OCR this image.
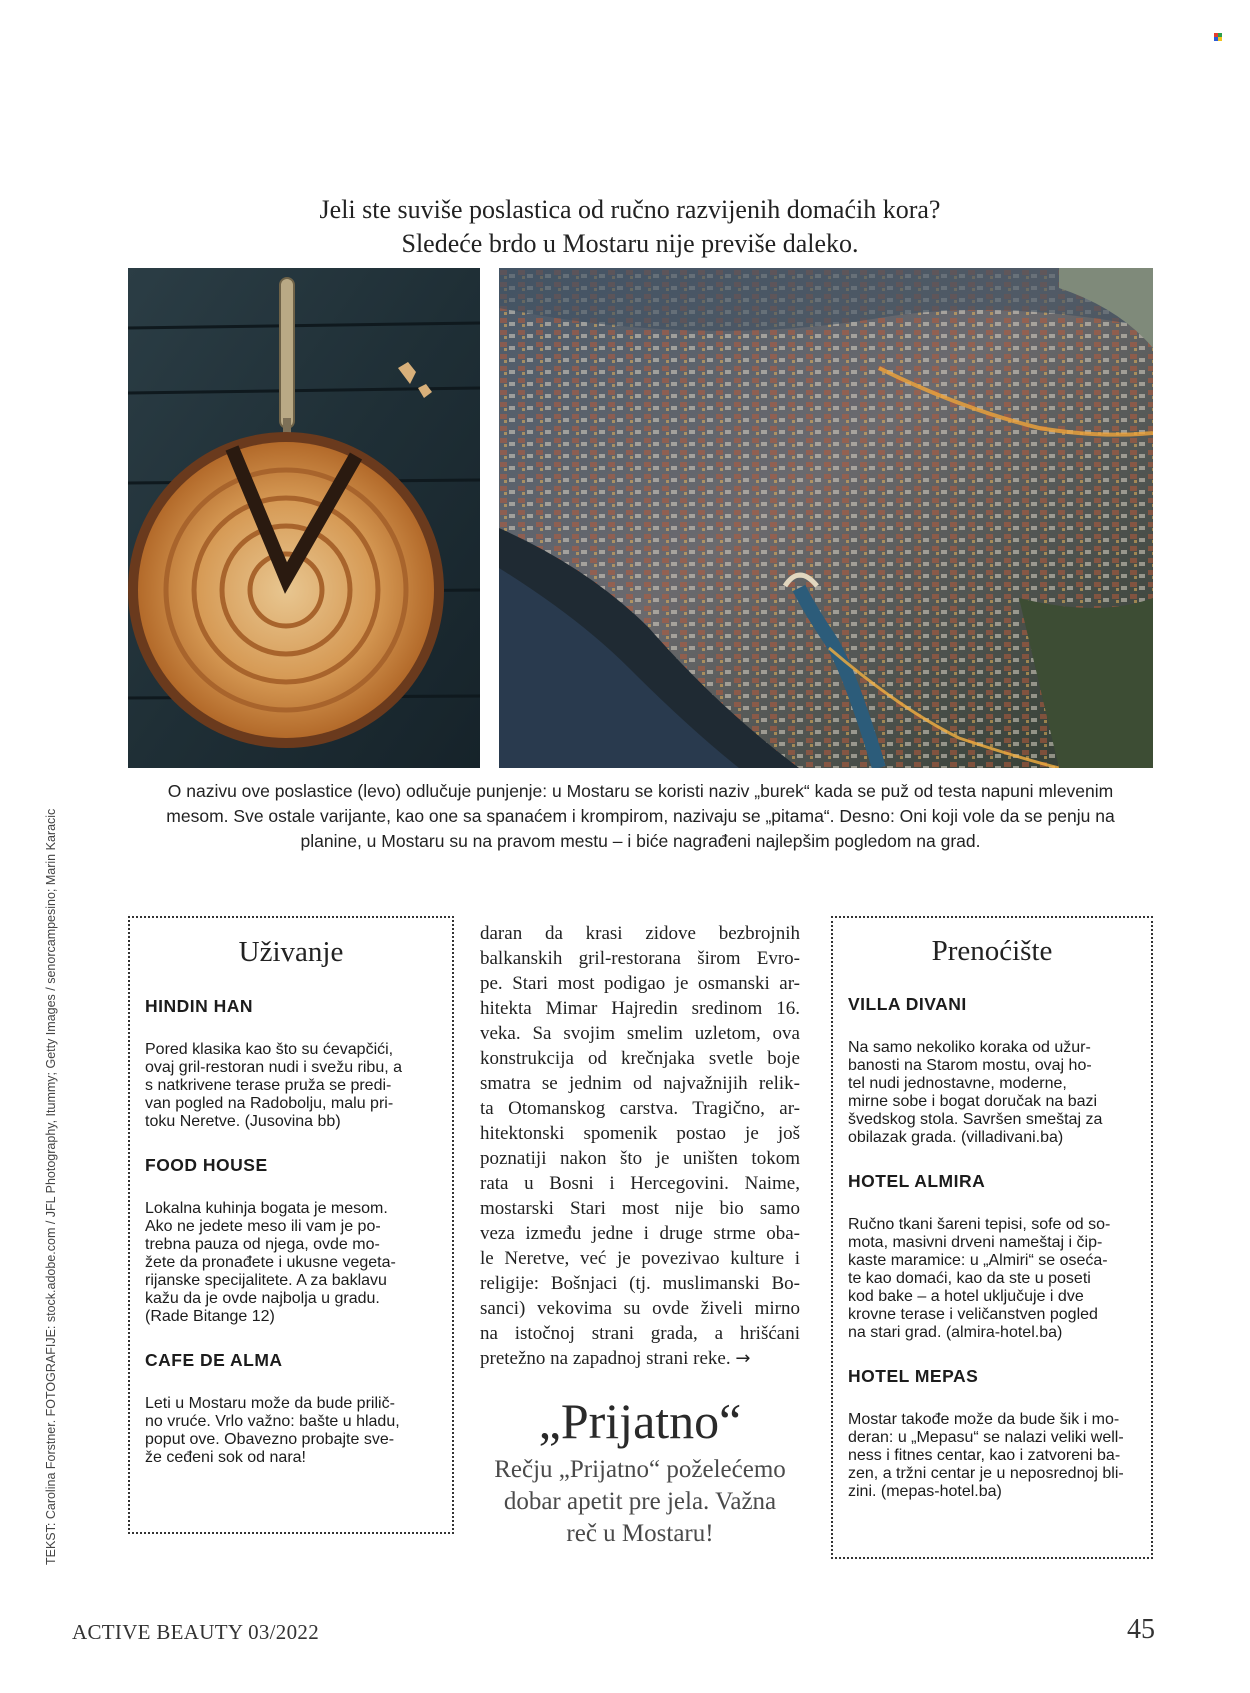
Jeli ste suviše poslastica od ručno razvijenih domaćih kora?
Sledeće brdo u Mostaru nije previše daleko.
O nazivu ove poslastice (levo) odlučuje punjenje: u Mostaru se koristi naziv „burek“ kada se puž od testa napuni mlevenim
mesom. Sve ostale varijante, kao one sa spanaćem i krompirom, nazivaju se „pitama“. Desno: Oni koji vole da se penju na
planine, u Mostaru su na pravom mestu – i biće nagrađeni najlepšim pogledom na grad.
TEKST: Carolina Forstner. FOTOGRAFIJE: stock.adobe.com / JFL Photography, Itummy; Getty Images / senorcampesino; Marin Karacic	Uživanje
HINDIN HAN

Pored klasika kao što su ćevapčići,
ovaj gril-restoran nudi i svežu ribu, a
s natkrivene terase pruža se predi-
van pogled na Radobolju, malu pri-
toku Neretve. (Jusovina bb)

FOOD HOUSE

Lokalna kuhinja bogata je mesom.
Ako ne jedete meso ili vam je po-
trebna pauza od njega, ovde mo-
žete da pronađete i ukusne vegeta-
rijanske specijalitete. A za baklavu
kažu da je ovde najbolja u gradu.
(Rade Bitange 12)

CAFE DE ALMA

Leti u Mostaru može da bude prilič-
no vruće. Vrlo važno: bašte u hladu,
poput ove. Obavezno probajte sve-
že ceđeni sok od nara!

daran da krasi zidove bezbrojnih
balkanskih gril-restorana širom Evro-
pe. Stari most podigao je osmanski ar-
hitekta Mimar Hajredin sredinom 16.
veka. Sa svojim smelim uzletom, ova
konstrukcija od krečnjaka svetle boje
smatra se jednim od najvažnijih relik-
ta Otomanskog carstva. Tragično, ar-
hitektonski spomenik postao je još
poznatiji nakon što je uništen tokom
rata u Bosni i Hercegovini. Naime,
mostarski Stari most nije bio samo
veza između jedne i druge strme oba-
le Neretve, već je povezivao kulture i
religije: Bošnjaci (tj. muslimanski Bo-
sanci) vekovima su ovde živeli mirno
na istočnoj strani grada, a hrišćani
pretežno na zapadnoj strani reke. →
„Prijatno“
Rečju „Prijatno“ poželećemo
dobar apetit pre jela. Važna
reč u Mostaru!
Prenoćište
VILLA DIVANI

Na samo nekoliko koraka od užur-
banosti na Starom mostu, ovaj ho-
tel nudi jednostavne, moderne,
mirne sobe i bogat doručak na bazi
švedskog stola. Savršen smeštaj za
obilazak grada. (villadivani.ba)

HOTEL ALMIRA

Ručno tkani šareni tepisi, sofe od so-
mota, masivni drveni nameštaj i čip-
kaste maramice: u „Almiri“ se oseća-
te kao domaći, kao da ste u poseti
kod bake – a hotel uključuje i dve
krovne terase i veličanstven pogled
na stari grad. (almira-hotel.ba)

HOTEL MEPAS

Mostar takođe može da bude šik i mo-
deran: u „Mepasu“ se nalazi veliki well-
ness i fitnes centar, kao i zatvoreni ba-
zen, a tržni centar je u neposrednoj bli-
zini. (mepas-hotel.ba)

ACTIVE BEAUTY 03/2022	45
